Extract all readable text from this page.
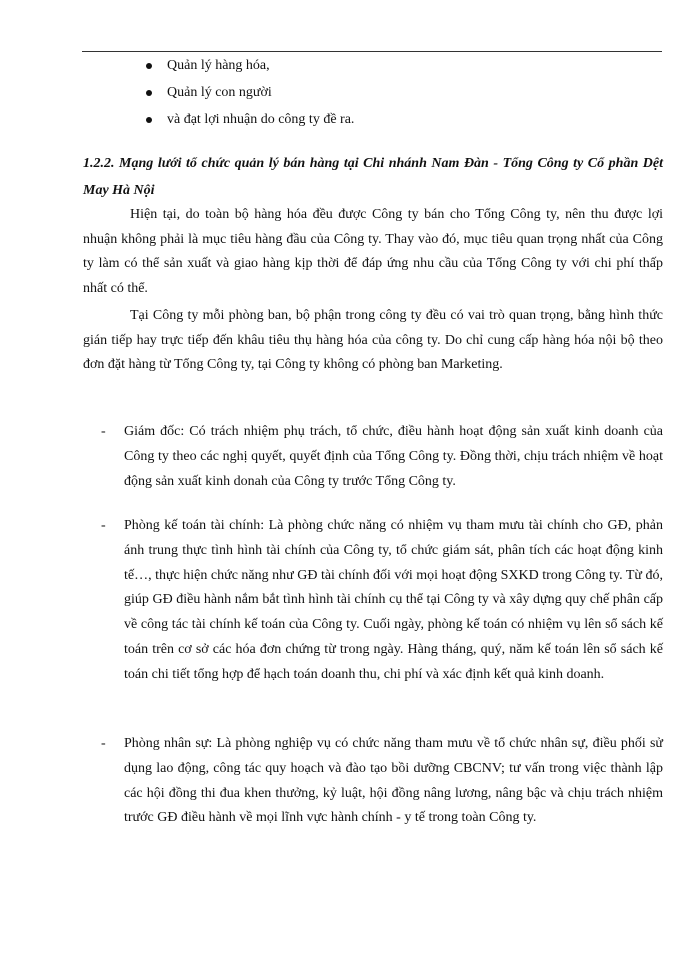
Quản lý hàng hóa,
Quản lý con người
và đạt lợi nhuận do công ty đề ra.
1.2.2. Mạng lưới tổ chức quản lý bán hàng tại Chi nhánh Nam Đàn - Tổng Công ty Cổ phần Dệt May Hà Nội
Hiện tại, do toàn bộ hàng hóa đều được Công ty bán cho Tổng Công ty, nên thu được lợi nhuận không phải là mục tiêu hàng đầu của Công ty. Thay vào đó, mục tiêu quan trọng nhất của Công ty làm có thể sản xuất và giao hàng kịp thời để đáp ứng nhu cầu của Tổng Công ty với chi phí thấp nhất có thể.
Tại Công ty mỗi phòng ban, bộ phận trong công ty đều có vai trò quan trọng, bằng hình thức gián tiếp hay trực tiếp đến khâu tiêu thụ hàng hóa của công ty. Do chỉ cung cấp hàng hóa nội bộ theo đơn đặt hàng từ Tổng Công ty, tại Công ty không có phòng ban Marketing.
- Giám đốc: Có trách nhiệm phụ trách, tổ chức, điều hành hoạt động sản xuất kinh doanh của Công ty theo các nghị quyết, quyết định của Tổng Công ty. Đồng thời, chịu trách nhiệm về hoạt động sản xuất kinh donah của Công ty trước Tổng Công ty.
- Phòng kế toán tài chính: Là phòng chức năng có nhiệm vụ tham mưu tài chính cho GĐ, phản ánh trung thực tình hình tài chính của Công ty, tổ chức giám sát, phân tích các hoạt động kinh tế…, thực hiện chức năng như GĐ tài chính đối với mọi hoạt động SXKD trong Công ty. Từ đó, giúp GĐ điều hành nắm bắt tình hình tài chính cụ thể tại Công ty và xây dựng quy chế phân cấp về công tác tài chính kế toán của Công ty. Cuối ngày, phòng kế toán có nhiệm vụ lên sổ sách kế toán trên cơ sở các hóa đơn chứng từ trong ngày. Hàng tháng, quý, năm kế toán lên sổ sách kế toán chi tiết tổng hợp để hạch toán doanh thu, chi phí và xác định kết quả kinh doanh.
- Phòng nhân sự: Là phòng nghiệp vụ có chức năng tham mưu về tổ chức nhân sự, điều phối sử dụng lao động, công tác quy hoạch và đào tạo bồi dưỡng CBCNV; tư vấn trong việc thành lập các hội đồng thi đua khen thưởng, kỷ luật, hội đồng nâng lương, nâng bậc và chịu trách nhiệm trước GĐ điều hành về mọi lĩnh vực hành chính - y tế trong toàn Công ty.
